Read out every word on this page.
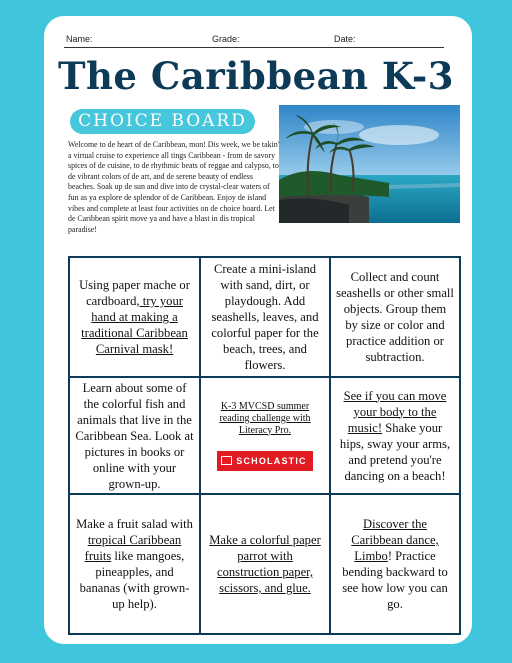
Name:	Grade:	Date:
The Caribbean K-3
CHOICE BOARD
Welcome to de heart of de Caribbean, mon! Dis week, we be takin' a virtual cruise to experience all tings Caribbean - from de savory spices of de cuisine, to de rhythmic beats of reggae and calypso, to de vibrant colors of de art, and de serene beauty of endless beaches. Soak up de sun and dive into de crystal-clear waters of fun as ya explore de splendor of de Caribbean. Enjoy de island vibes and complete at least four activities on de choice board. Let de Caribbean spirit move ya and have a blast in dis tropical paradise!

Using paper mache or cardboard, try your hand at making a traditional Caribbean Carnival mask!

Create a mini-island with sand, dirt, or playdough. Add seashells, leaves, and colorful paper for the beach, trees, and flowers.

Collect and count seashells or other small objects. Group them by size or color and practice addition or subtraction.

Learn about some of the colorful fish and animals that live in the Caribbean Sea. Look at pictures in books or online with your grown-up.

K-3 MVCSD summer reading challenge with Literacy Pro.

SCHOLASTIC

See if you can move your body to the music! Shake your hips, sway your arms, and pretend you're dancing on a beach!

Make a fruit salad with tropical Caribbean fruits like mangoes, pineapples, and bananas (with grown-up help).

Make a colorful paper parrot with construction paper, scissors, and glue.

Discover the Caribbean dance, Limbo! Practice bending backward to see how low you can go.
